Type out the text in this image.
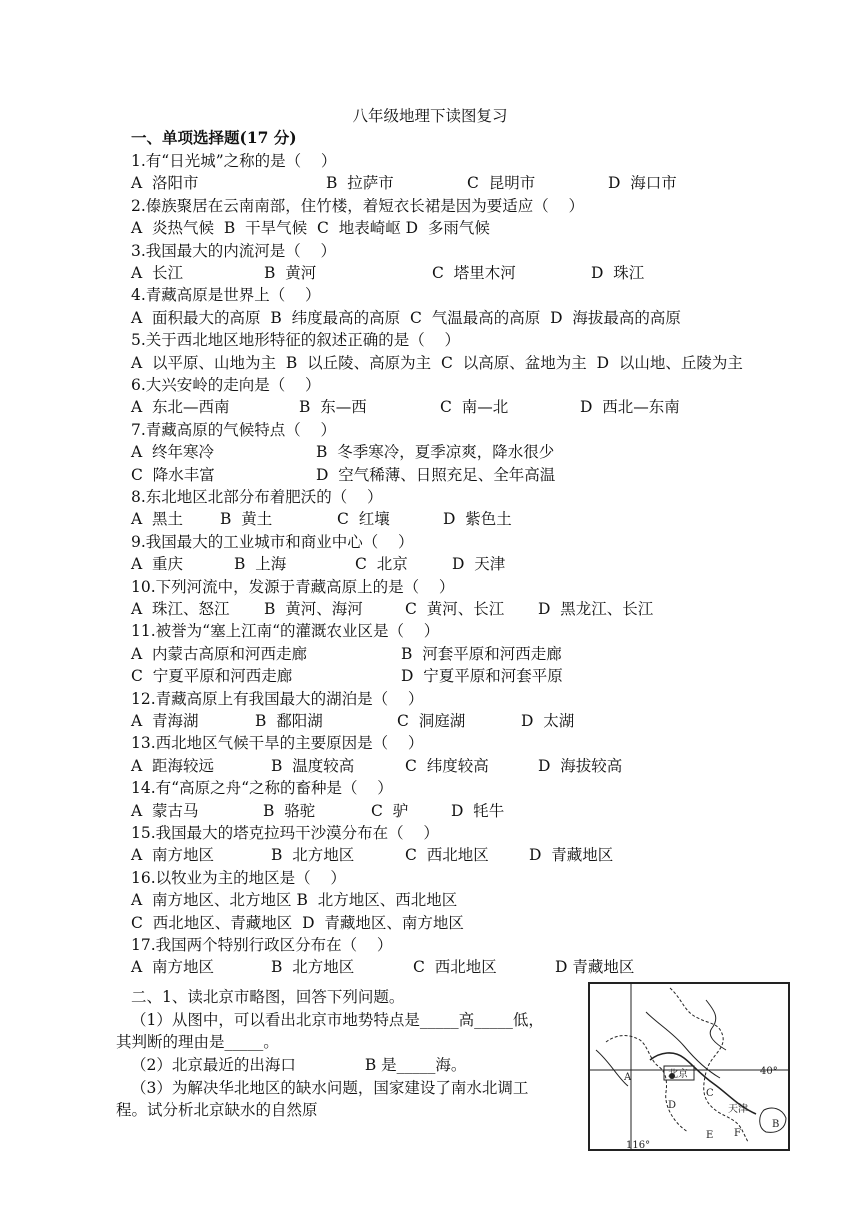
八年级地理下读图复习
一、单项选择题(17 分)
1.有“日光城”之称的是（    ）
A  洛阳市	B  拉萨市	C  昆明市	D  海口市
2.傣族聚居在云南南部，住竹楼，着短衣长裙是因为要适应（    ）
A  炎热气候  B  干旱气候  C  地表崎岖 D  多雨气候
3.我国最大的内流河是（    ）
A  长江	B  黄河	C  塔里木河	D  珠江
4.青藏高原是世界上（    ）
A  面积最大的高原  B  纬度最高的高原  C  气温最高的高原  D  海拔最高的高原
5.关于西北地区地形特征的叙述正确的是（    ）
A  以平原、山地为主  B  以丘陵、高原为主  C  以高原、盆地为主  D  以山地、丘陵为主
6.大兴安岭的走向是（    ）
A  东北—西南	B  东—西	C  南—北	D  西北—东南
7.青藏高原的气候特点（    ）
A  终年寒冷	B  冬季寒冷，夏季凉爽，降水很少
C  降水丰富	D  空气稀薄、日照充足、全年高温
8.东北地区北部分布着肥沃的（    ）
A  黑土 B  黄土	C  红壤	D  紫色土
9.我国最大的工业城市和商业中心（    ）
A  重庆	B  上海	C  北京	D  天津
10.下列河流中，发源于青藏高原上的是（    ）
A  珠江、怒江 B  黄河、海河	C  黄河、长江 D  黑龙江、长江
11.被誉为“塞上江南“的灌溉农业区是（    ）
A  内蒙古高原和河西走廊	B  河套平原和河西走廊
C  宁夏平原和河西走廊	D  宁夏平原和河套平原
12.青藏高原上有我国最大的湖泊是（    ）
A  青海湖	B  鄱阳湖	C  洞庭湖	D  太湖
13.西北地区气候干旱的主要原因是（    ）
A  距海较远	B  温度较高	C  纬度较高	D  海拔较高
14.有“高原之舟“之称的畜种是（    ）
A  蒙古马	B  骆驼	C  驴	D  牦牛
15.我国最大的塔克拉玛干沙漠分布在（    ）
A  南方地区	B  北方地区	C  西北地区	D  青藏地区
16.以牧业为主的地区是（    ）
A  南方地区、北方地区 B  北方地区、西北地区
C  西北地区、青藏地区  D  青藏地区、南方地区
17.我国两个特别行政区分布在（    ）
A  南方地区	B  北方地区	C  西北地区	D 青藏地区
二、1、读北京市略图，回答下列问题。
（1）从图中，可以看出北京市地势特点是_____高_____低，
其判断的理由是_____。
（2）北京最近的出海口              B 是_____海。
（3）为解决华北地区的缺水问题，国家建设了南水北调工
程。试分析北京缺水的自然原
40°
116°
北京
天津
A
B
C
D
E F
